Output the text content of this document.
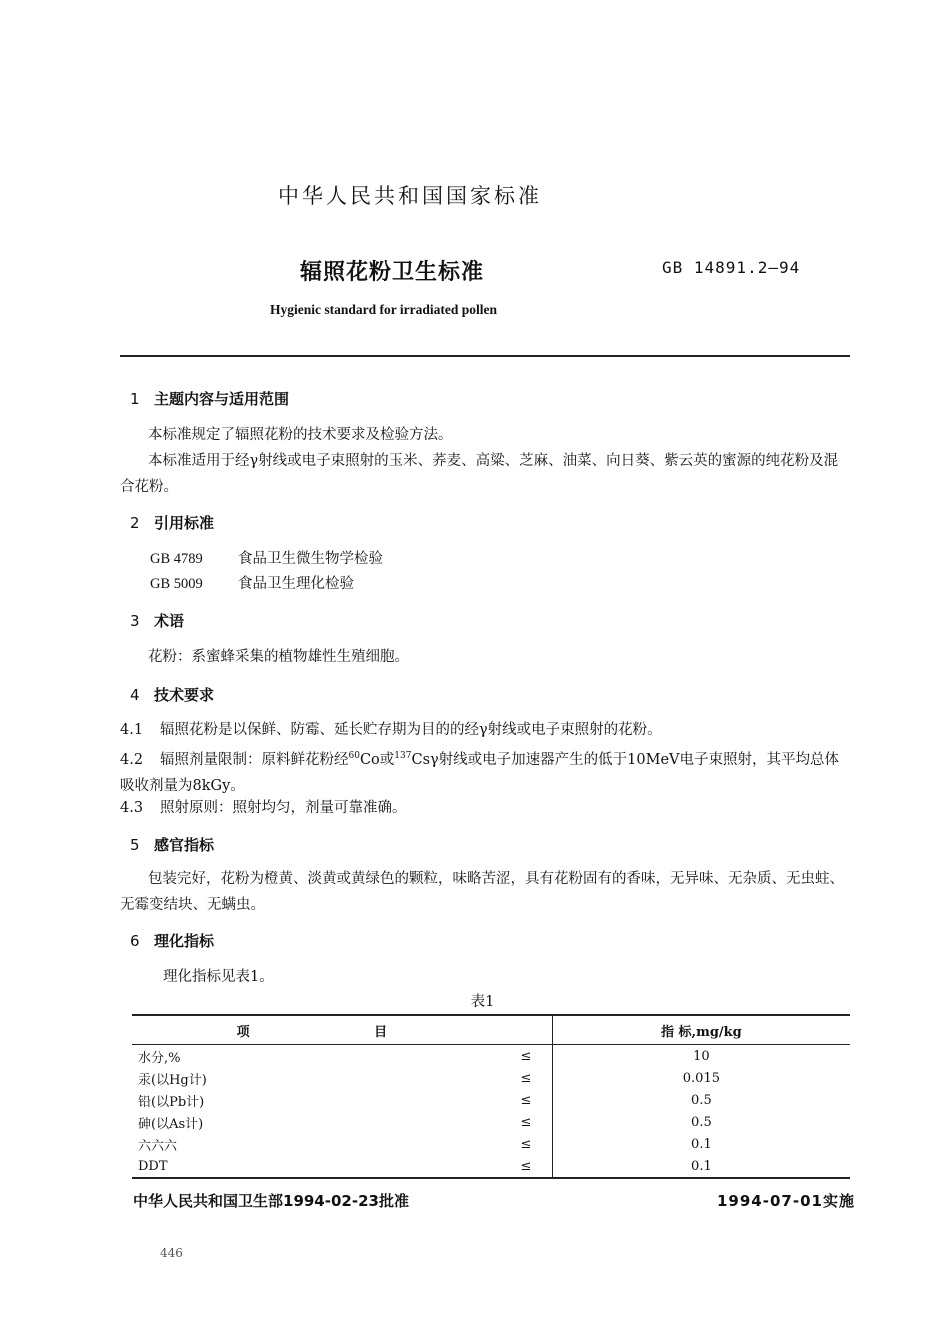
中华人民共和国国家标准
辐照花粉卫生标准	GB 14891.2—94
Hygienic standard for irradiated pollen
1 主题内容与适用范围
本标准规定了辐照花粉的技术要求及检验方法。
本标准适用于经γ射线或电子束照射的玉米、荞麦、高粱、芝麻、油菜、向日葵、紫云英的蜜源的纯花粉及混合花粉。
2 引用标准
GB 4789 食品卫生微生物学检验
GB 5009 食品卫生理化检验
3 术语
花粉：系蜜蜂采集的植物雄性生殖细胞。
4 技术要求
4.1 辐照花粉是以保鲜、防霉、延长贮存期为目的的经γ射线或电子束照射的花粉。
4.2 辐照剂量限制：原料鲜花粉经$^{60}$Co或$^{137}$Csγ射线或电子加速器产生的低于10MeV电子束照射，其平均总体吸收剂量为8kGy。
4.3 照射原则：照射均匀，剂量可靠准确。
5 感官指标
包装完好，花粉为橙黄、淡黄或黄绿色的颗粒，味略苦涩，具有花粉固有的香味，无异味、无杂质、无虫蛀、无霉变结块、无螨虫。
6 理化指标
理化指标见表1。
表1
项 目		指 标,mg/kg
水分,%	≤	10
汞(以Hg计)	≤	0.015
铅(以Pb计)	≤	0.5
砷(以As计)	≤	0.5
六六六	≤	0.1
DDT	≤	0.1
中华人民共和国卫生部1994-02-23批准	1994-07-01实施
446
